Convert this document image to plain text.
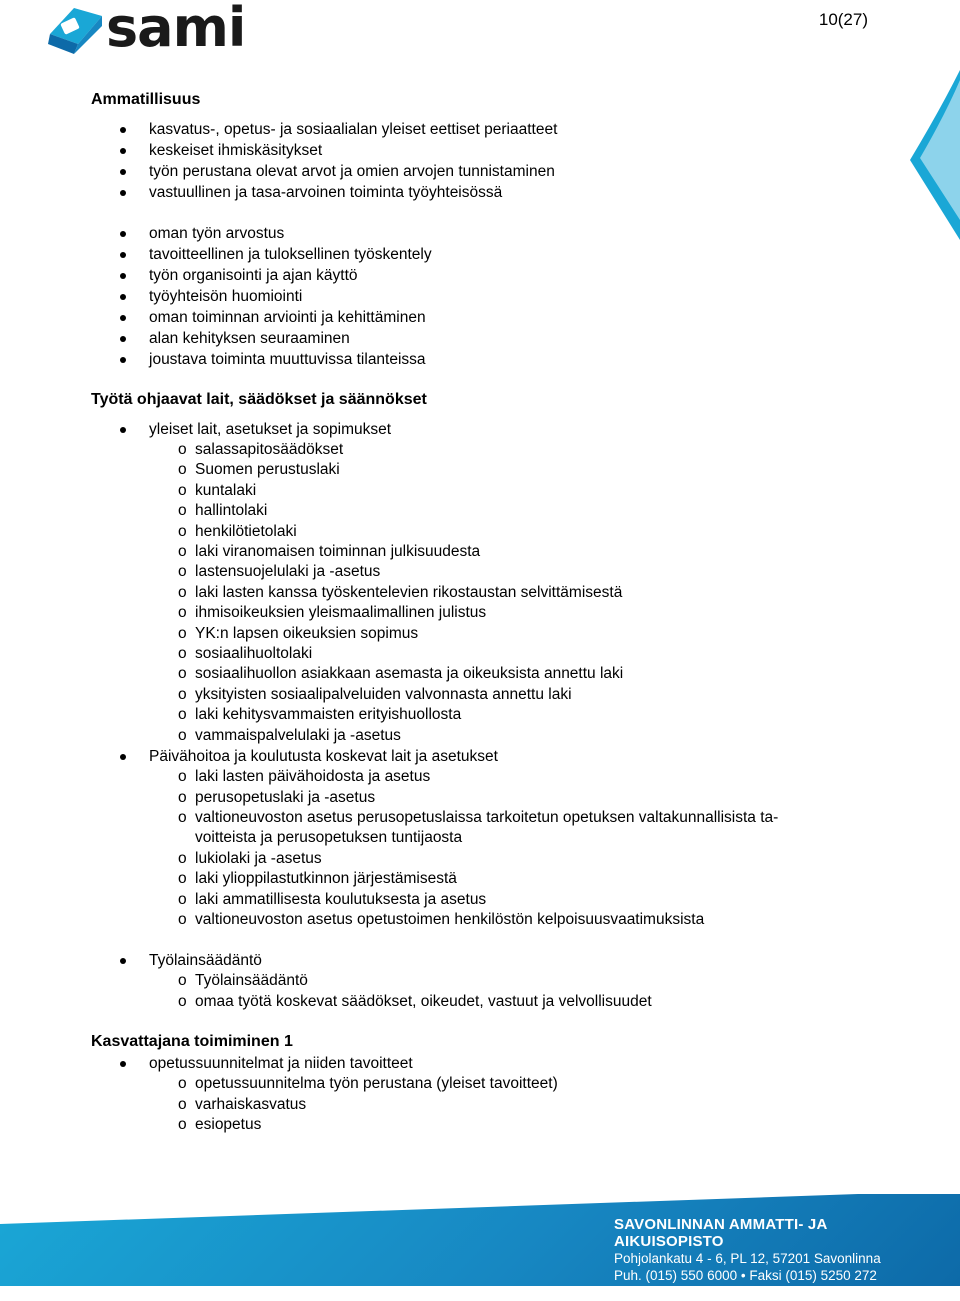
sami	10(27)
Ammatillisuus
kasvatus-, opetus- ja sosiaalialan yleiset eettiset periaatteet
keskeiset ihmiskäsitykset
työn perustana olevat arvot ja omien arvojen tunnistaminen
vastuullinen ja tasa-arvoinen toiminta työyhteisössä
oman työn arvostus
tavoitteellinen ja tuloksellinen työskentely
työn organisointi ja ajan käyttö
työyhteisön huomiointi
oman toiminnan arviointi ja kehittäminen
alan kehityksen seuraaminen
joustava toiminta muuttuvissa tilanteissa
Työtä ohjaavat lait, säädökset ja säännökset
yleiset lait, asetukset ja sopimukset
o salassapitosäädökset
o Suomen perustuslaki
o kuntalaki
o hallintolaki
o henkilötietolaki
o laki viranomaisen toiminnan julkisuudesta
o lastensuojelulaki ja -asetus
o laki lasten kanssa työskentelevien rikostaustan selvittämisestä
o ihmisoikeuksien yleismaalimallinen julistus
o YK:n lapsen oikeuksien sopimus
o sosiaalihuoltolaki
o sosiaalihuollon asiakkaan asemasta ja oikeuksista annettu laki
o yksityisten sosiaalipalveluiden valvonnasta annettu laki
o laki kehitysvammaisten erityishuollosta
o vammaispalvelulaki ja -asetus
Päivähoitoa ja koulutusta koskevat lait ja asetukset
o laki lasten päivähoidosta ja asetus
o perusopetuslaki ja -asetus
o valtioneuvoston asetus perusopetuslaissa tarkoitetun opetuksen valtakunnallisista ta-
voitteista ja perusopetuksen tuntijaosta
o lukiolaki ja -asetus
o laki ylioppilastutkinnon järjestämisestä
o laki ammatillisesta koulutuksesta ja asetus
o valtioneuvoston asetus opetustoimen henkilöstön kelpoisuusvaatimuksista
Työlainsäädäntö
o Työlainsäädäntö
o omaa työtä koskevat säädökset, oikeudet, vastuut ja velvollisuudet
Kasvattajana toimiminen 1
opetussuunnitelmat ja niiden tavoitteet
o opetussuunnitelma työn perustana (yleiset tavoitteet)
o varhaiskasvatus
o esiopetus
SAVONLINNAN AMMATTI- JA AIKUISOPISTO
Pohjolankatu 4 - 6, PL 12, 57201 Savonlinna
Puh. (015) 550 6000 • Faksi (015) 5250 272
sami@samiedu.fi • www.samiedu.fi
